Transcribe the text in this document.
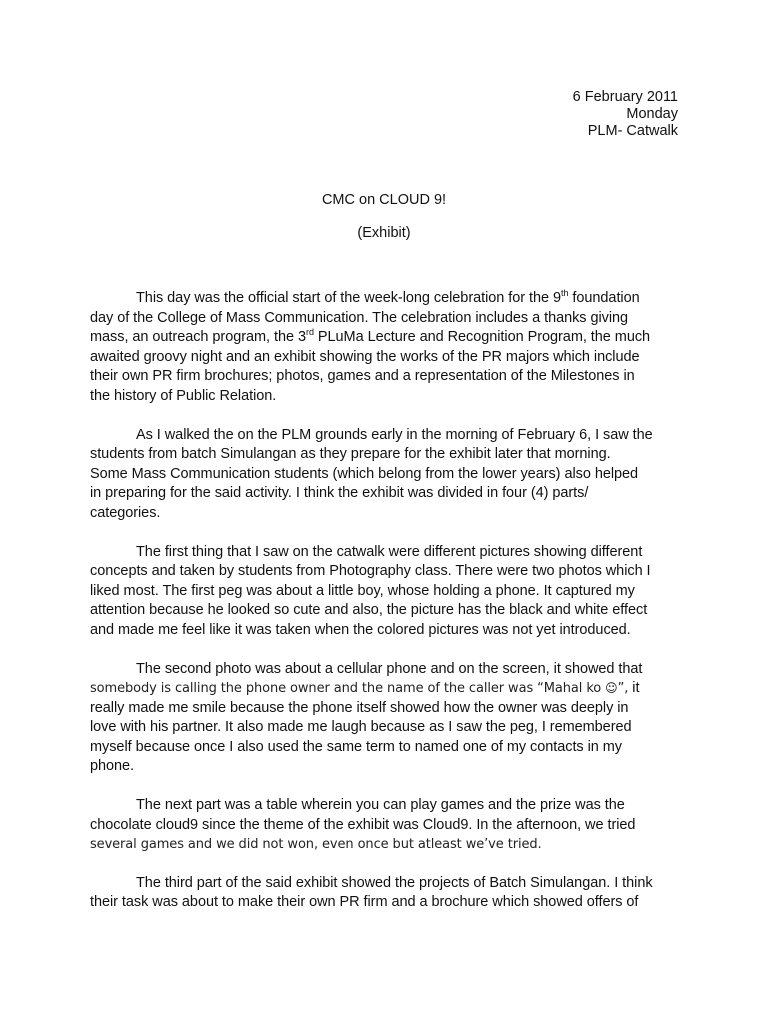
6 February 2011
Monday
PLM- Catwalk
CMC on CLOUD 9!
(Exhibit)

This day was the official start of the week-long celebration for the 9th foundation
day of the College of Mass Communication. The celebration includes a thanks giving
mass, an outreach program, the 3rd PLuMa Lecture and Recognition Program, the much
awaited groovy night and an exhibit showing the works of the PR majors which include
their own PR firm brochures; photos, games and a representation of the Milestones in
the history of Public Relation.

As I walked the on the PLM grounds early in the morning of February 6, I saw the
students from batch Simulangan as they prepare for the exhibit later that morning.
Some Mass Communication students (which belong from the lower years) also helped
in preparing for the said activity. I think the exhibit was divided in four (4) parts/
categories.

The first thing that I saw on the catwalk were different pictures showing different
concepts and taken by students from Photography class. There were two photos which I
liked most. The first peg was about a little boy, whose holding a phone. It captured my
attention because he looked so cute and also, the picture has the black and white effect
and made me feel like it was taken when the colored pictures was not yet introduced.

The second photo was about a cellular phone and on the screen, it showed that
somebody is calling the phone owner and the name of the caller was “Mahal ko ☺”, it
really made me smile because the phone itself showed how the owner was deeply in
love with his partner. It also made me laugh because as I saw the peg, I remembered
myself because once I also used the same term to named one of my contacts in my
phone.

The next part was a table wherein you can play games and the prize was the
chocolate cloud9 since the theme of the exhibit was Cloud9. In the afternoon, we tried
several games and we did not won, even once but atleast we’ve tried.

The third part of the said exhibit showed the projects of Batch Simulangan. I think
their task was about to make their own PR firm and a brochure which showed offers of
